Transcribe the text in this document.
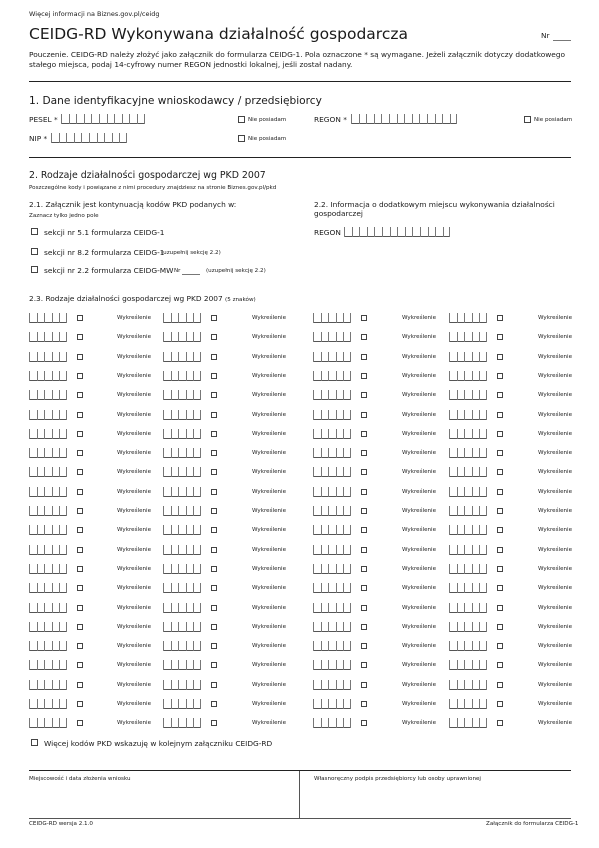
Więcej informacji na Biznes.gov.pl/ceidg
CEIDG-RD Wykonywana działalność gospodarcza	Nr
Pouczenie. CEIDG-RD należy złożyć jako załącznik do formularza CEIDG-1. Pola oznaczone * są wymagane. Jeżeli załącznik dotyczy dodatkowego
stałego miejsca, podaj 14-cyfrowy numer REGON jednostki lokalnej, jeśli został nadany.
1. Dane identyfikacyjne wnioskodawcy / przedsiębiorcy
PESEL *	Nie posiadam	REGON *	Nie posiadam
NIP *	Nie posiadam
2. Rodzaje działalności gospodarczej wg PKD 2007
Poszczególne kody i powiązane z nimi procedury znajdziesz na stronie Biznes.gov.pl/pkd
2.1. Załącznik jest kontynuacją kodów PKD podanych w:
Zaznacz tylko jedno pole
sekcji nr 5.1 formularza CEIDG-1
sekcji nr 8.2 formularza CEIDG-1
(uzupełnij sekcję 2.2)
sekcji nr 2.2 formularza CEIDG-MW Nr	(uzupełnij sekcję 2.2)
2.2. Informacja o dodatkowym miejscu wykonywania działalności
gospodarczej
REGON
2.3. Rodzaje działalności gospodarczej wg PKD 2007 (5 znaków)
Wykreślenie	Wykreślenie	Wykreślenie	Wykreślenie
Wykreślenie	Wykreślenie	Wykreślenie	Wykreślenie
Wykreślenie	Wykreślenie	Wykreślenie	Wykreślenie
Wykreślenie	Wykreślenie	Wykreślenie	Wykreślenie
Wykreślenie	Wykreślenie	Wykreślenie	Wykreślenie
Wykreślenie	Wykreślenie	Wykreślenie	Wykreślenie
Wykreślenie	Wykreślenie	Wykreślenie	Wykreślenie
Wykreślenie	Wykreślenie	Wykreślenie	Wykreślenie
Wykreślenie	Wykreślenie	Wykreślenie	Wykreślenie
Wykreślenie	Wykreślenie	Wykreślenie	Wykreślenie
Wykreślenie	Wykreślenie	Wykreślenie	Wykreślenie
Wykreślenie	Wykreślenie	Wykreślenie	Wykreślenie
Wykreślenie	Wykreślenie	Wykreślenie	Wykreślenie
Wykreślenie	Wykreślenie	Wykreślenie	Wykreślenie
Wykreślenie	Wykreślenie	Wykreślenie	Wykreślenie
Wykreślenie	Wykreślenie	Wykreślenie	Wykreślenie
Wykreślenie	Wykreślenie	Wykreślenie	Wykreślenie
Wykreślenie	Wykreślenie	Wykreślenie	Wykreślenie
Wykreślenie	Wykreślenie	Wykreślenie	Wykreślenie
Wykreślenie	Wykreślenie	Wykreślenie	Wykreślenie
Wykreślenie	Wykreślenie	Wykreślenie	Wykreślenie
Wykreślenie	Wykreślenie	Wykreślenie	Wykreślenie
Więcej kodów PKD wskazuję w kolejnym załączniku CEIDG-RD
Miejscowość i data złożenia wniosku	Własnoręczny podpis przedsiębiorcy lub osoby uprawnionej
CEIDG-RD wersja 2.1.0	Załącznik do formularza CEIDG-1
